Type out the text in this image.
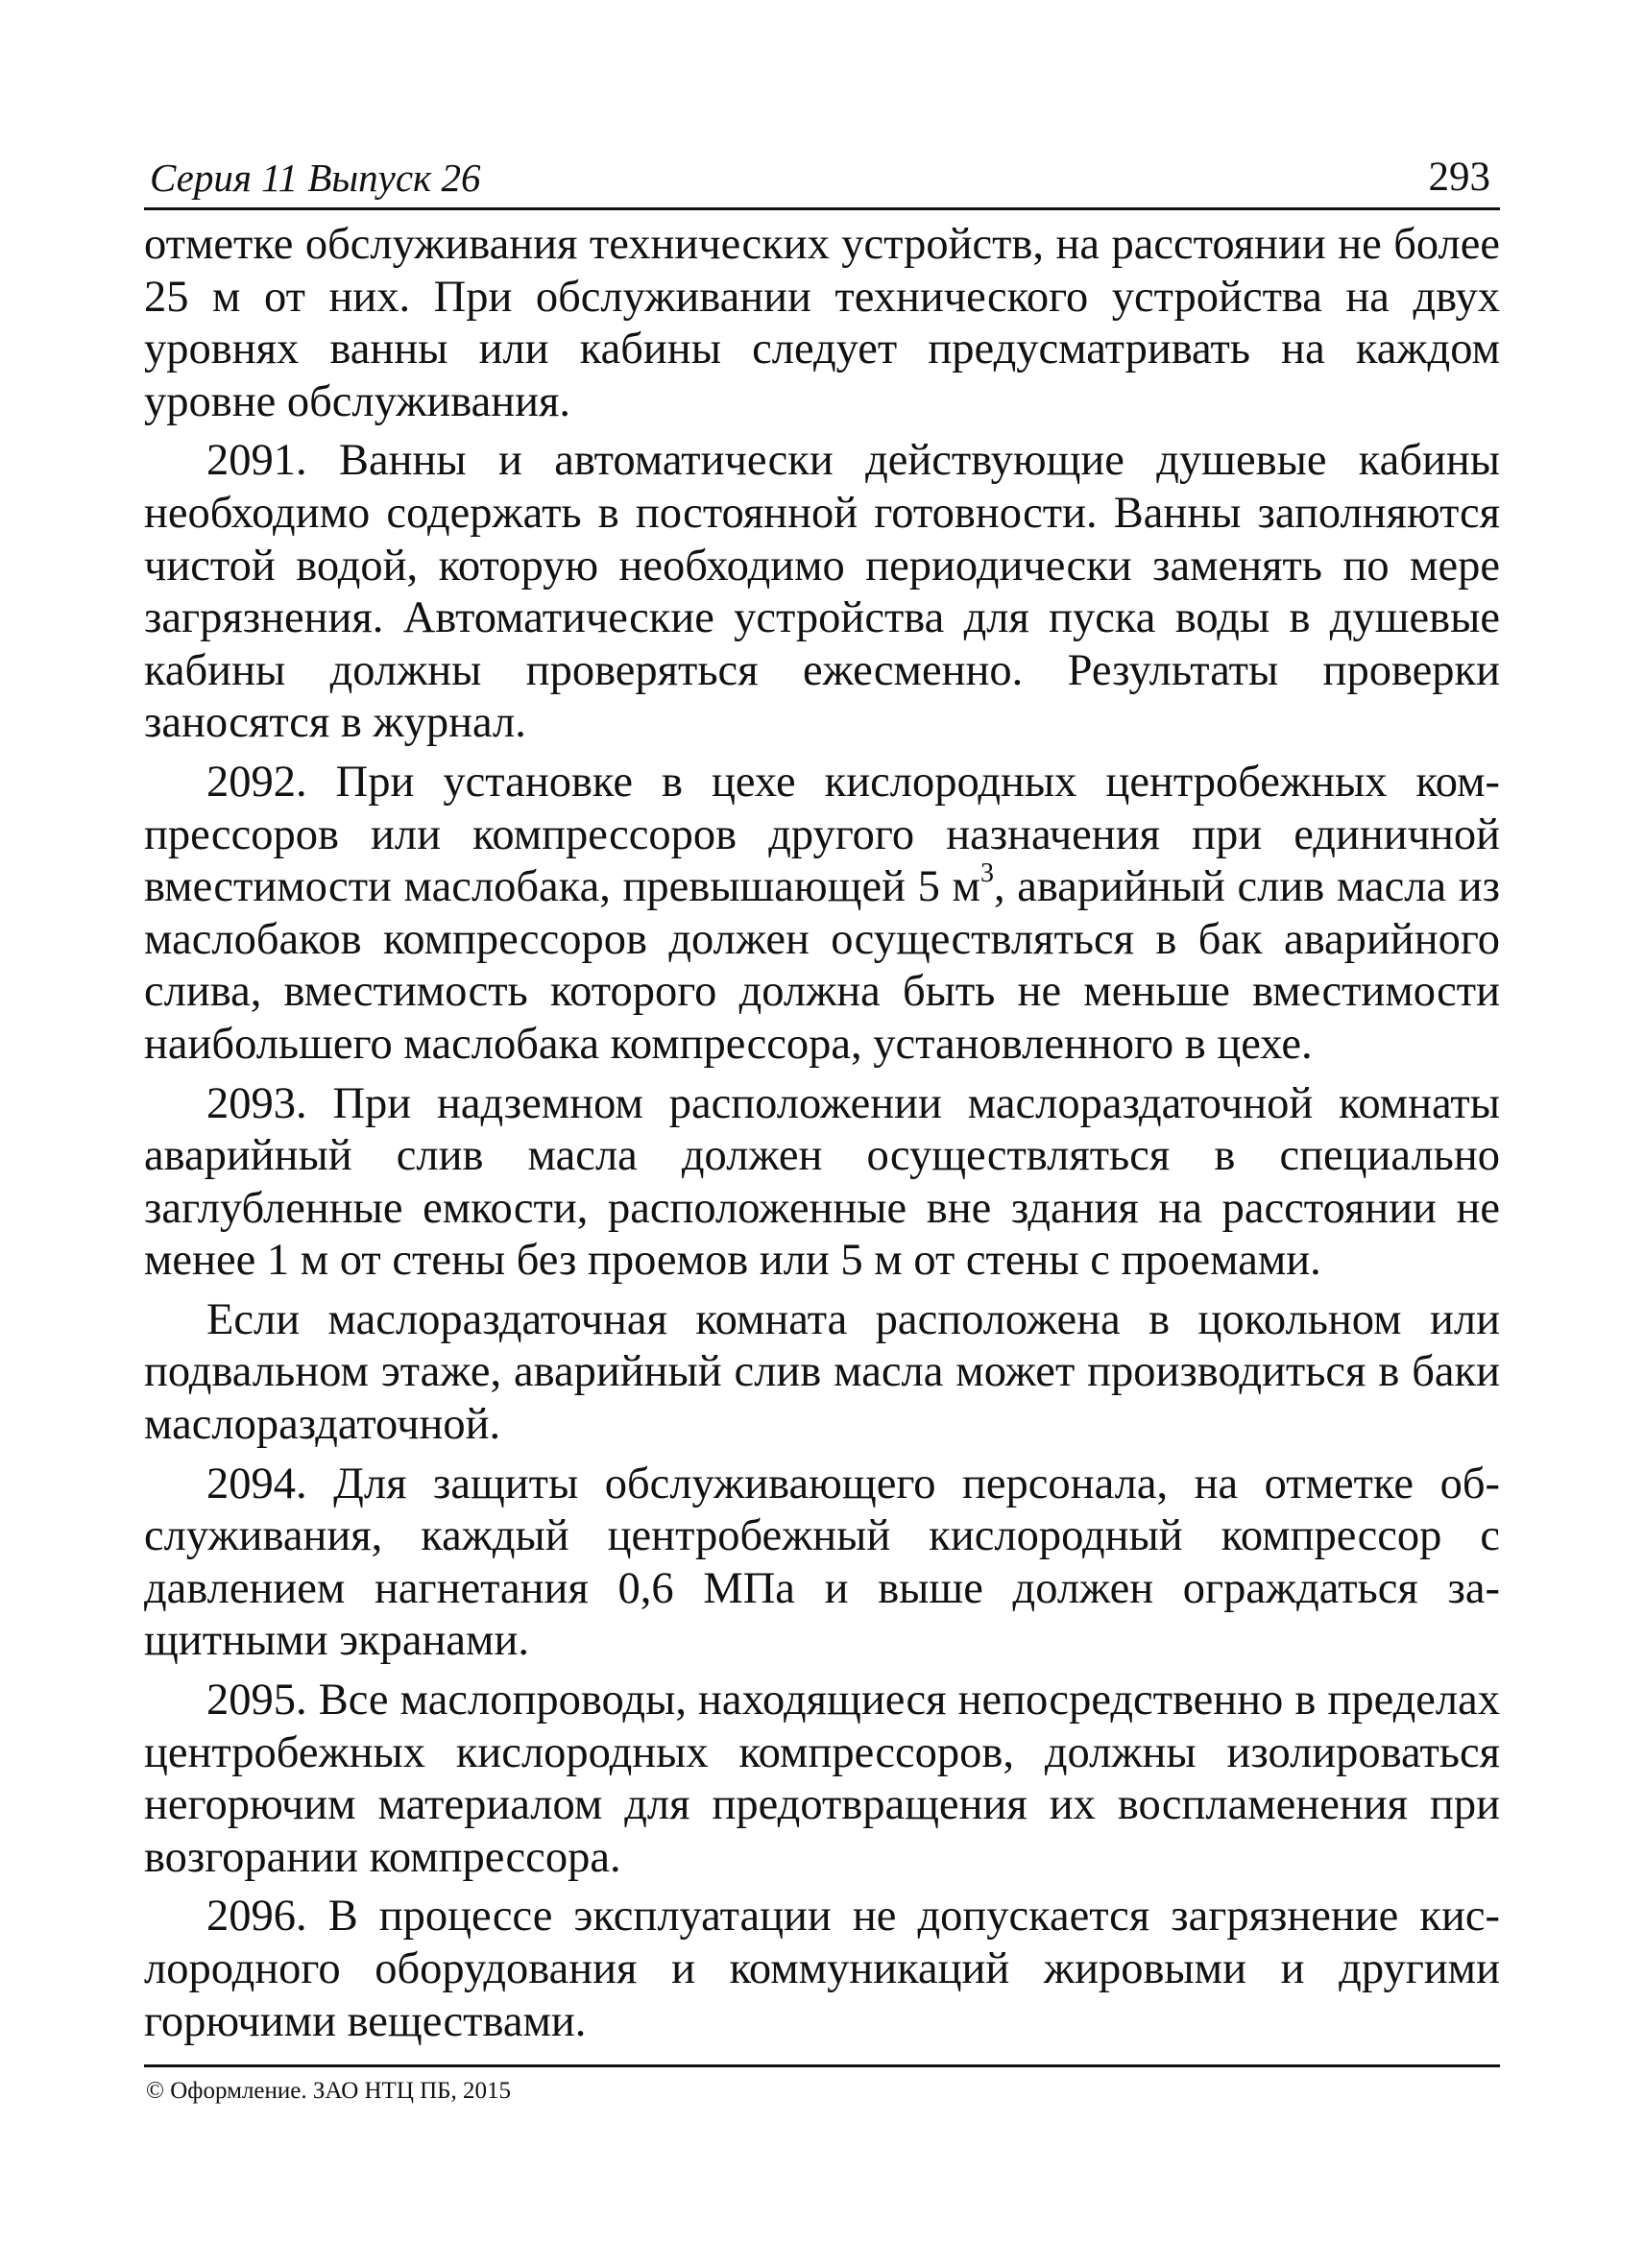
Серия 11 Выпуск 26	293

отметке обслуживания технических устройств, на расстоянии не более 25 м от них. При обслуживании технического устройства на двух уровнях ванны или кабины следует предусматривать на каждом уровне обслуживания.

2091. Ванны и автоматически действующие душевые кабины необходимо содержать в постоянной готовности. Ванны заполняются чистой водой, которую необходимо периодически заменять по мере загрязнения. Автоматические устройства для пуска воды в душевые кабины должны проверяться ежесменно. Результаты проверки заносятся в журнал.

2092. При установке в цехе кислородных центробежных компрессоров или компрессоров другого назначения при единичной вместимости маслобака, превышающей 5 $м^3$, аварийный слив масла из маслобаков компрессоров должен осуществляться в бак аварийного слива, вместимость которого должна быть не меньше вместимости наибольшего маслобака компрессора, установленного в цехе.

2093. При надземном расположении маслораздаточной комнаты аварийный слив масла должен осуществляться в специально заглубленные емкости, расположенные вне здания на расстоянии не менее 1 м от стены без проемов или 5 м от стены с проемами.

Если маслораздаточная комната расположена в цокольном или подвальном этаже, аварийный слив масла может производиться в баки маслораздаточной.

2094. Для защиты обслуживающего персонала, на отметке обслуживания, каждый центробежный кислородный компрессор с давлением нагнетания 0,6 МПа и выше должен ограждаться защитными экранами.

2095. Все маслопроводы, находящиеся непосредственно в пределах центробежных кислородных компрессоров, должны изолироваться негорючим материалом для предотвращения их воспламенения при возгорании компрессора.

2096. В процессе эксплуатации не допускается загрязнение кислородного оборудования и коммуникаций жировыми и другими горючими веществами.

© Оформление. ЗАО НТЦ ПБ, 2015
